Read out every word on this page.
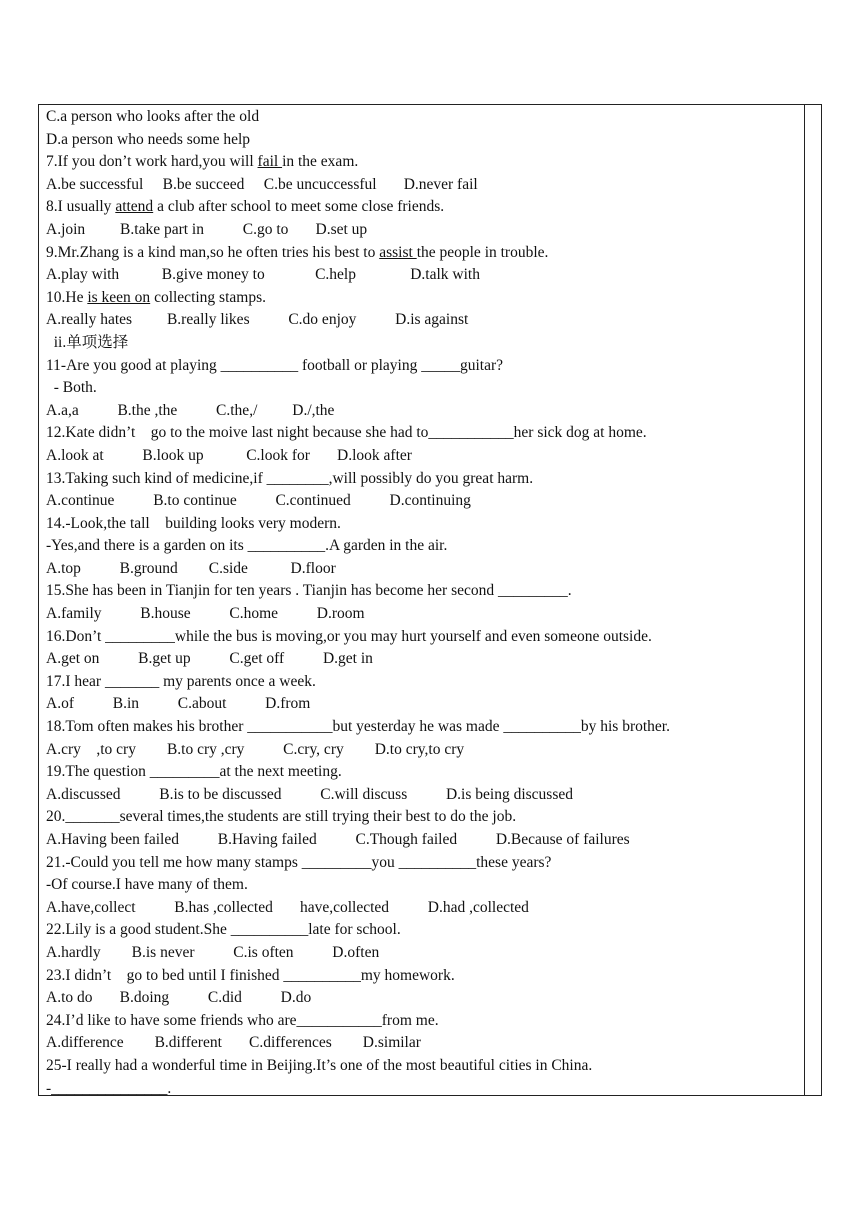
C.a person who looks after the old
D.a person who needs some help
7.If you don’t work hard,you will fail in the exam.
A.be successful     B.be succeed     C.be uncuccessful       D.never fail
8.I usually attend a club after school to meet some close friends.
A.join         B.take part in          C.go to       D.set up
9.Mr.Zhang is a kind man,so he often tries his best to assist the people in trouble.
A.play with           B.give money to             C.help              D.talk with
10.He is keen on collecting stamps.
A.really hates         B.really likes          C.do enjoy          D.is against
ii.单项选择
11-Are you good at playing __________ football or playing _____guitar?
- Both.
A.a,a          B.the ,the          C.the,/         D./,the
12.Kate didn’t    go to the moive last night because she had to___________her sick dog at home.
A.look at          B.look up           C.look for       D.look after
13.Taking such kind of medicine,if ________,will possibly do you great harm.
A.continue          B.to continue          C.continued          D.continuing
14.-Look,the tall    building looks very modern.
-Yes,and there is a garden on its __________.A garden in the air.
A.top          B.ground        C.side           D.floor
15.She has been in Tianjin for ten years . Tianjin has become her second _________.
A.family          B.house          C.home          D.room
16.Don’t _________while the bus is moving,or you may hurt yourself and even someone outside.
A.get on          B.get up          C.get off          D.get in
17.I hear _______ my parents once a week.
A.of          B.in          C.about          D.from
18.Tom often makes his brother ___________but yesterday he was made __________by his brother.
A.cry    ,to cry        B.to cry ,cry          C.cry, cry        D.to cry,to cry
19.The question _________at the next meeting.
A.discussed          B.is to be discussed          C.will discuss          D.is being discussed
20._______several times,the students are still trying their best to do the job.
A.Having been failed          B.Having failed          C.Though failed          D.Because of failures
21.-Could you tell me how many stamps _________you __________these years?
-Of course.I have many of them.
A.have,collect          B.has ,collected       have,collected          D.had ,collected
22.Lily is a good student.She __________late for school.
A.hardly        B.is never          C.is often          D.often
23.I didn’t    go to bed until I finished __________my homework.
A.to do       B.doing          C.did          D.do
24.I’d like to have some friends who are___________from me.
A.difference        B.different       C.differences        D.similar
25-I really had a wonderful time in Beijing.It’s one of the most beautiful cities in China.
-_______________.
